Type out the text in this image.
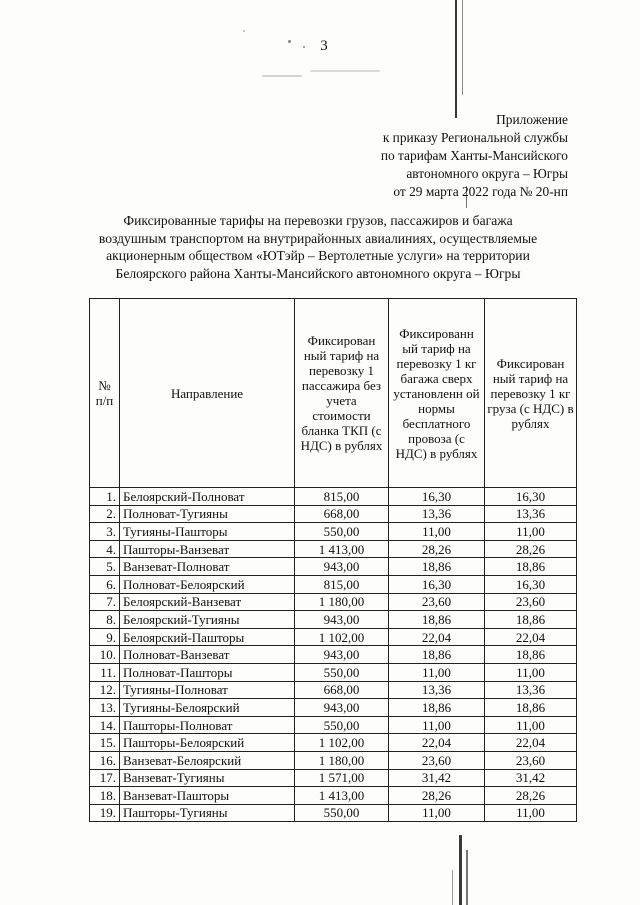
3
Приложение
к приказу Региональной службы
по тарифам Ханты-Мансийского
автономного округа – Югры
от 29 марта 2022 года № 20-нп
Фиксированные тарифы на перевозки грузов, пассажиров и багажа
воздушным транспортом на внутрирайонных авиалиниях, осуществляемые
акционерным обществом «ЮТэйр – Вертолетные услуги» на территории
Белоярского района Ханты-Мансийского автономного округа – Югры
№ п/п	Направление	Фиксирован ный тариф на перевозку 1 пассажира без учета стоимости бланка ТКП (с НДС) в рублях	Фиксированн ый тариф на перевозку 1 кг багажа сверх установленн ой нормы бесплатного провоза (с НДС) в рублях	Фиксирован ный тариф на перевозку 1 кг груза (с НДС) в рублях
1.	Белоярский-Полноват	815,00	16,30	16,30
2.	Полноват-Тугияны	668,00	13,36	13,36
3.	Тугияны-Пашторы	550,00	11,00	11,00
4.	Пашторы-Ванзеват	1 413,00	28,26	28,26
5.	Ванзеват-Полноват	943,00	18,86	18,86
6.	Полноват-Белоярский	815,00	16,30	16,30
7.	Белоярский-Ванзеват	1 180,00	23,60	23,60
8.	Белоярский-Тугияны	943,00	18,86	18,86
9.	Белоярский-Пашторы	1 102,00	22,04	22,04
10.	Полноват-Ванзеват	943,00	18,86	18,86
11.	Полноват-Пашторы	550,00	11,00	11,00
12.	Тугияны-Полноват	668,00	13,36	13,36
13.	Тугияны-Белоярский	943,00	18,86	18,86
14.	Пашторы-Полноват	550,00	11,00	11,00
15.	Пашторы-Белоярский	1 102,00	22,04	22,04
16.	Ванзеват-Белоярский	1 180,00	23,60	23,60
17.	Ванзеват-Тугияны	1 571,00	31,42	31,42
18.	Ванзеват-Пашторы	1 413,00	28,26	28,26
19.	Пашторы-Тугияны	550,00	11,00	11,00
